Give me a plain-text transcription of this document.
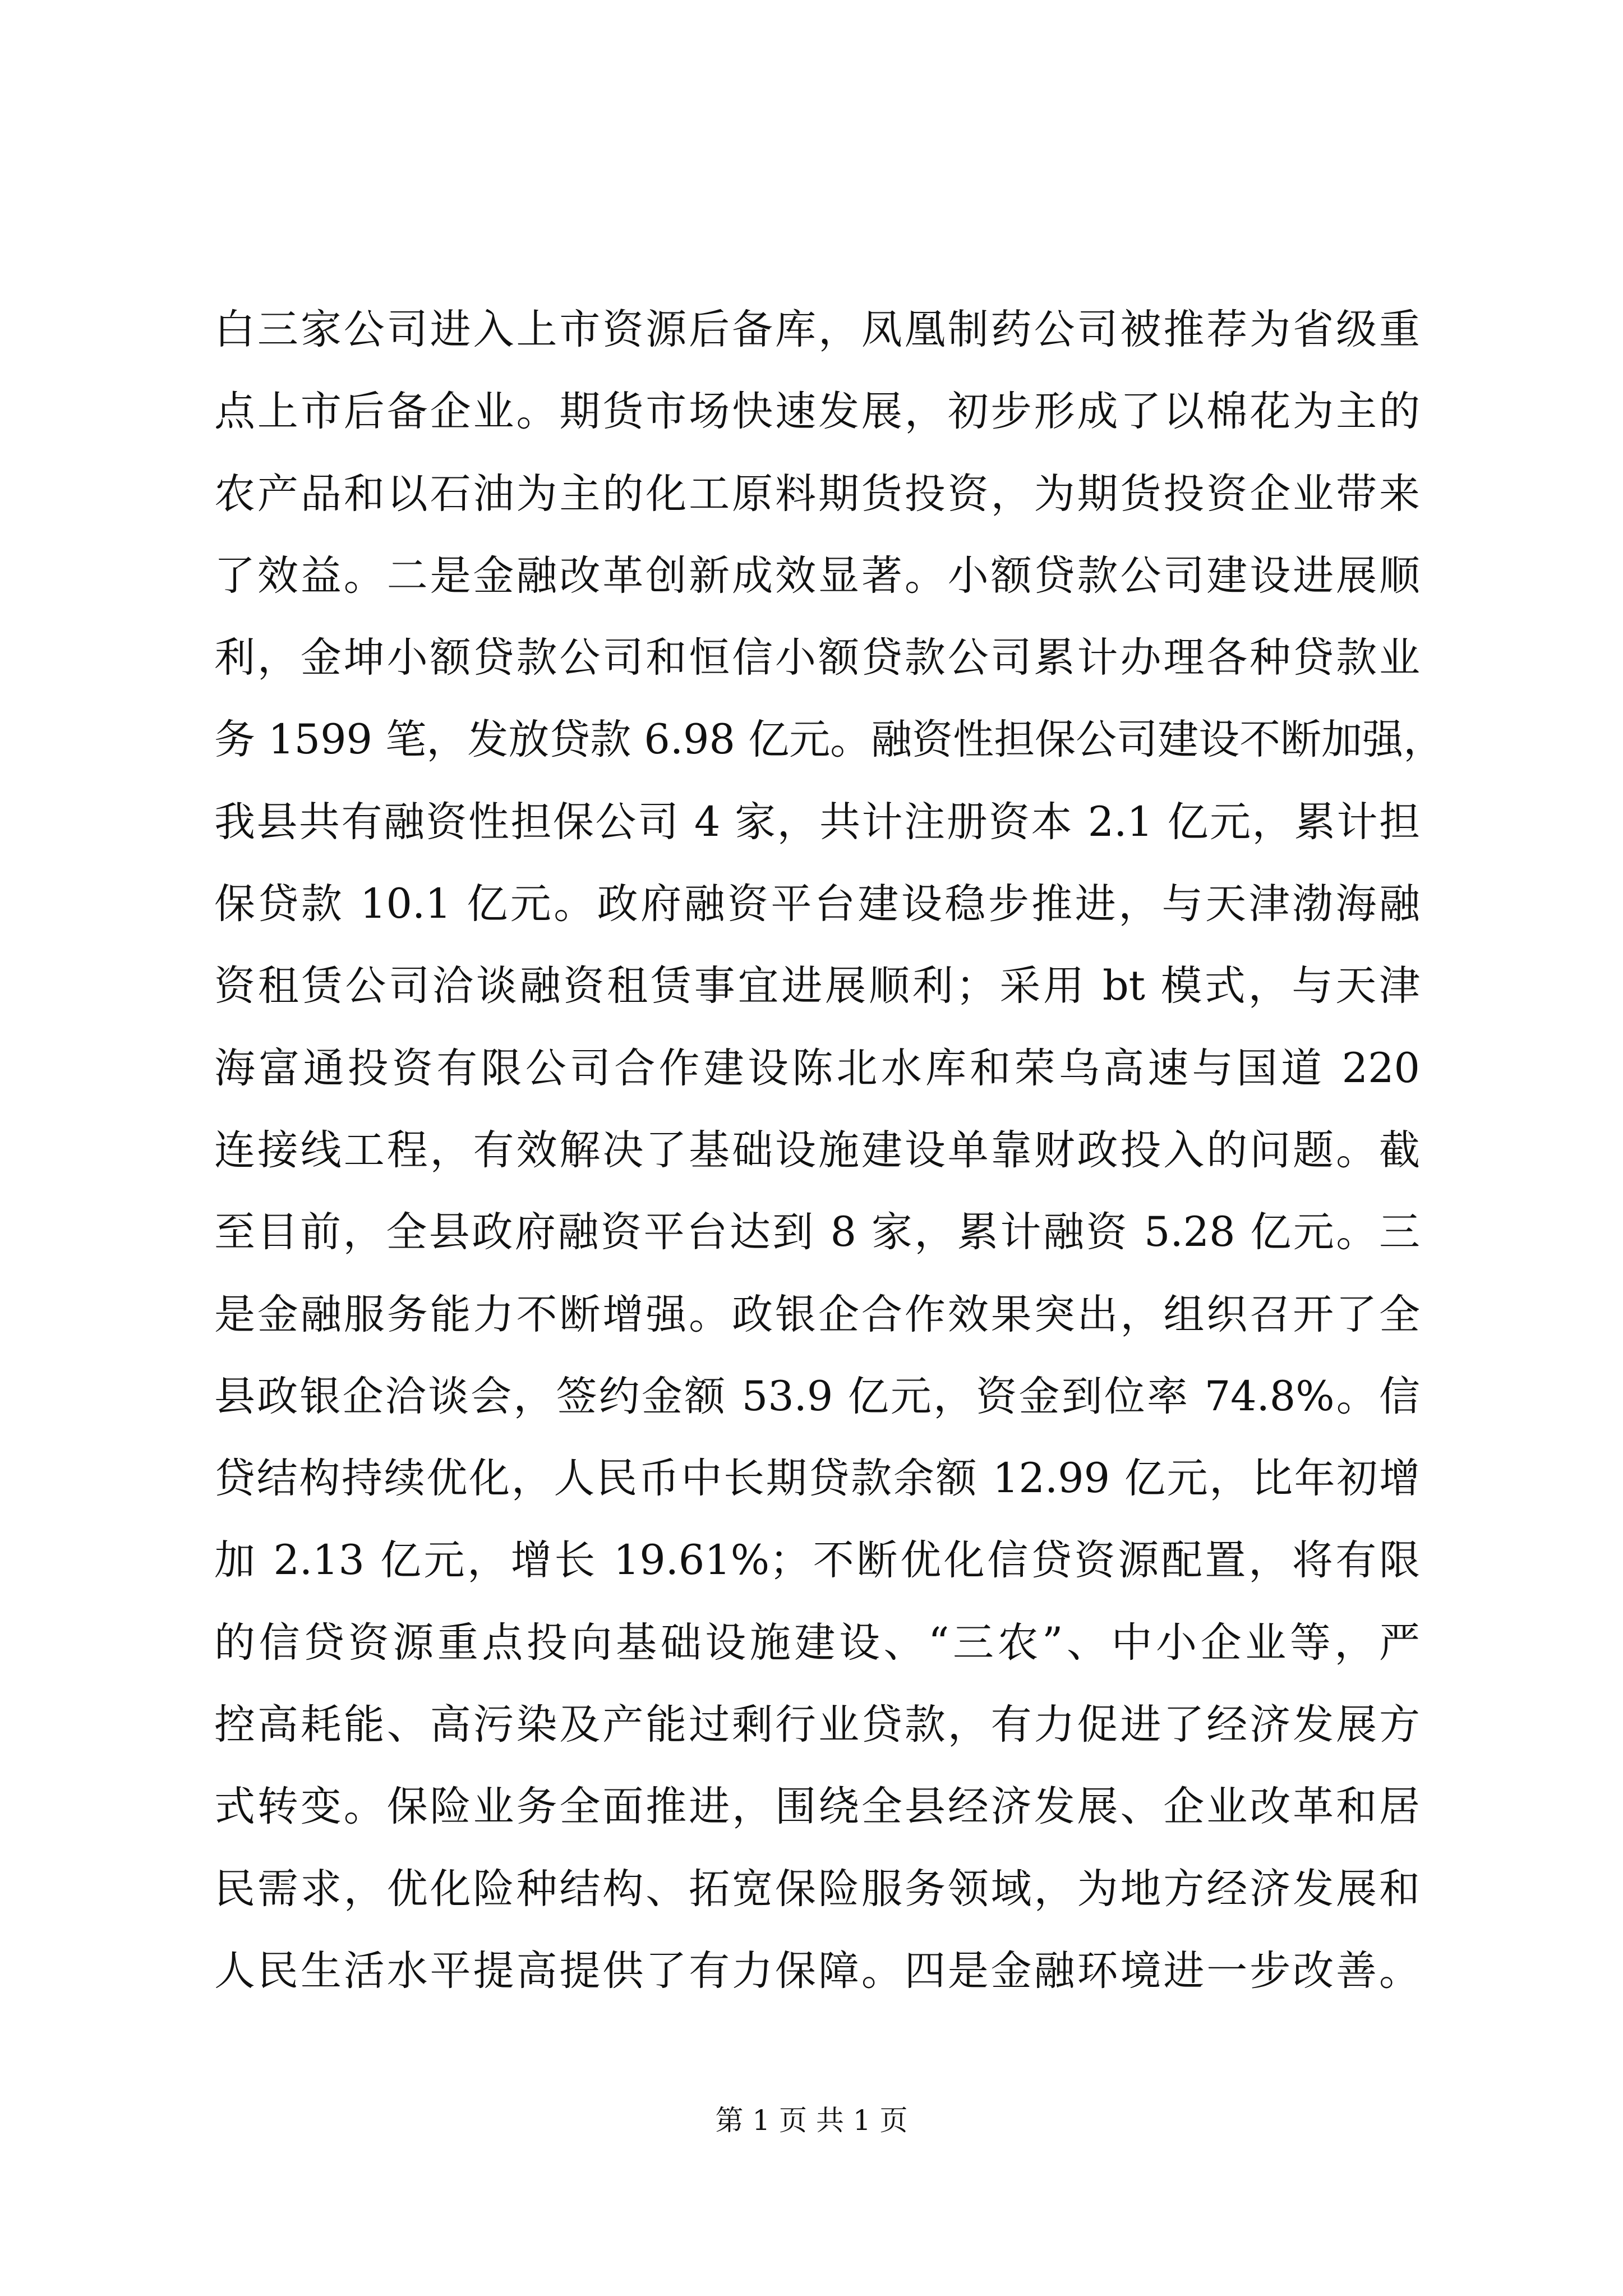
白三家公司进入上市资源后备库，凤凰制药公司被推荐为省级重
点上市后备企业。期货市场快速发展，初步形成了以棉花为主的
农产品和以石油为主的化工原料期货投资，为期货投资企业带来
了效益。二是金融改革创新成效显著。小额贷款公司建设进展顺
利，金坤小额贷款公司和恒信小额贷款公司累计办理各种贷款业
务 1599 笔，发放贷款 6.98 亿元。融资性担保公司建设不断加强，
我县共有融资性担保公司 4 家，共计注册资本 2.1 亿元，累计担
保贷款 10.1 亿元。政府融资平台建设稳步推进，与天津渤海融
资租赁公司洽谈融资租赁事宜进展顺利；采用 bt 模式，与天津
海富通投资有限公司合作建设陈北水库和荣乌高速与国道 220
连接线工程，有效解决了基础设施建设单靠财政投入的问题。截
至目前，全县政府融资平台达到 8 家，累计融资 5.28 亿元。三
是金融服务能力不断增强。政银企合作效果突出，组织召开了全
县政银企洽谈会，签约金额 53.9 亿元，资金到位率 74.8%。信
贷结构持续优化，人民币中长期贷款余额 12.99 亿元，比年初增
加 2.13 亿元，增长 19.61%；不断优化信贷资源配置，将有限
的信贷资源重点投向基础设施建设、“三农”、中小企业等，严
控高耗能、高污染及产能过剩行业贷款，有力促进了经济发展方
式转变。保险业务全面推进，围绕全县经济发展、企业改革和居
民需求，优化险种结构、拓宽保险服务领域，为地方经济发展和
人民生活水平提高提供了有力保障。四是金融环境进一步改善。
第 1 页 共 1 页
